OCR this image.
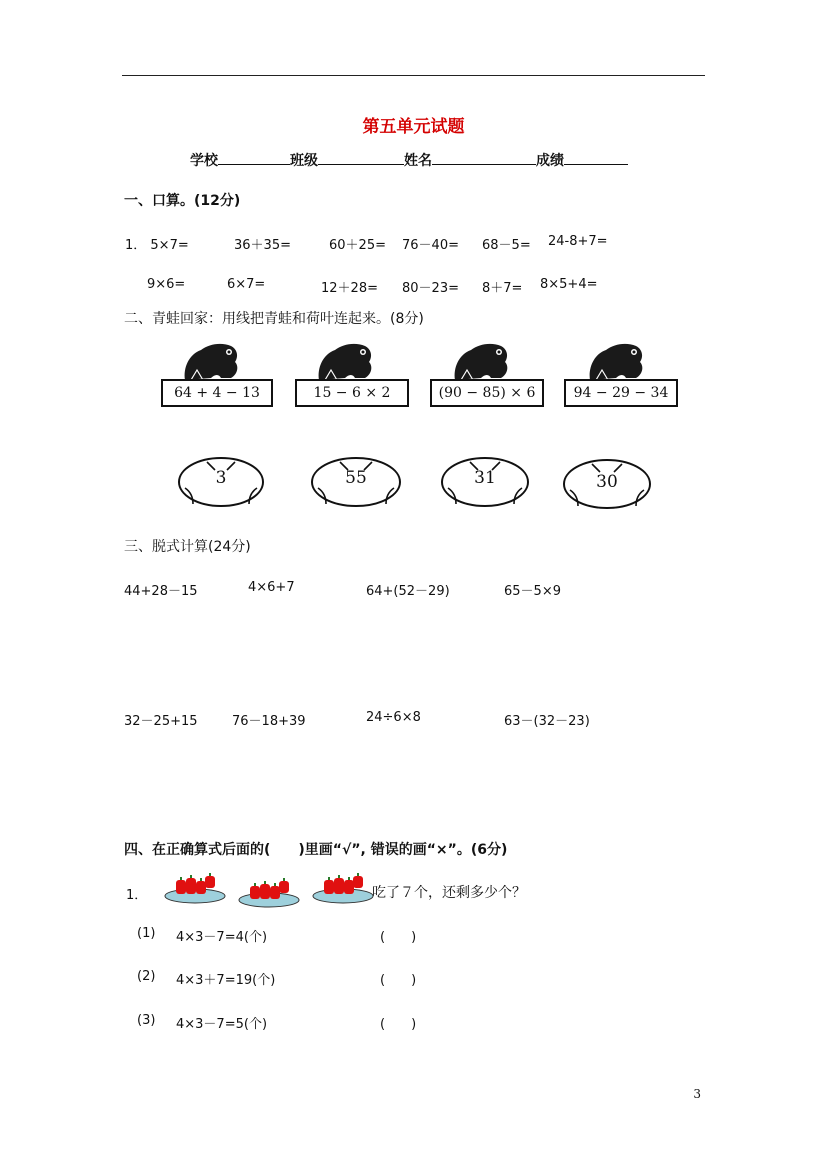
第五单元试题
学校	班级	姓名	成绩
一、口算。(12分)
1． 5×7=	36＋35=	60＋25= 76－40= 68－5= 24-8+7=
9×6=	6×7=	12＋28= 80－23= 8＋7= 8×5+4=
二、青蛙回家：用线把青蛙和荷叶连起来。(8分)
64 + 4 − 13	15 − 6 × 2	(90 − 85) × 6	94 − 29 − 34
3	55	31	30
三、脱式计算(24分)
44+28－15	4×6+7	64+(52－29)	65－5×9
32－25+15	76－18+39	24÷6×8	63－(32－23)
四、在正确算式后面的(　　)里画“√”, 错误的画“×”。(6分)
1．	吃了７个，还剩多少个？
(1) 4×3－7=4(个)	(　　)
(2) 4×3＋7=19(个)	(　　)
(3) 4×3－7=5(个)	(　　)
3
